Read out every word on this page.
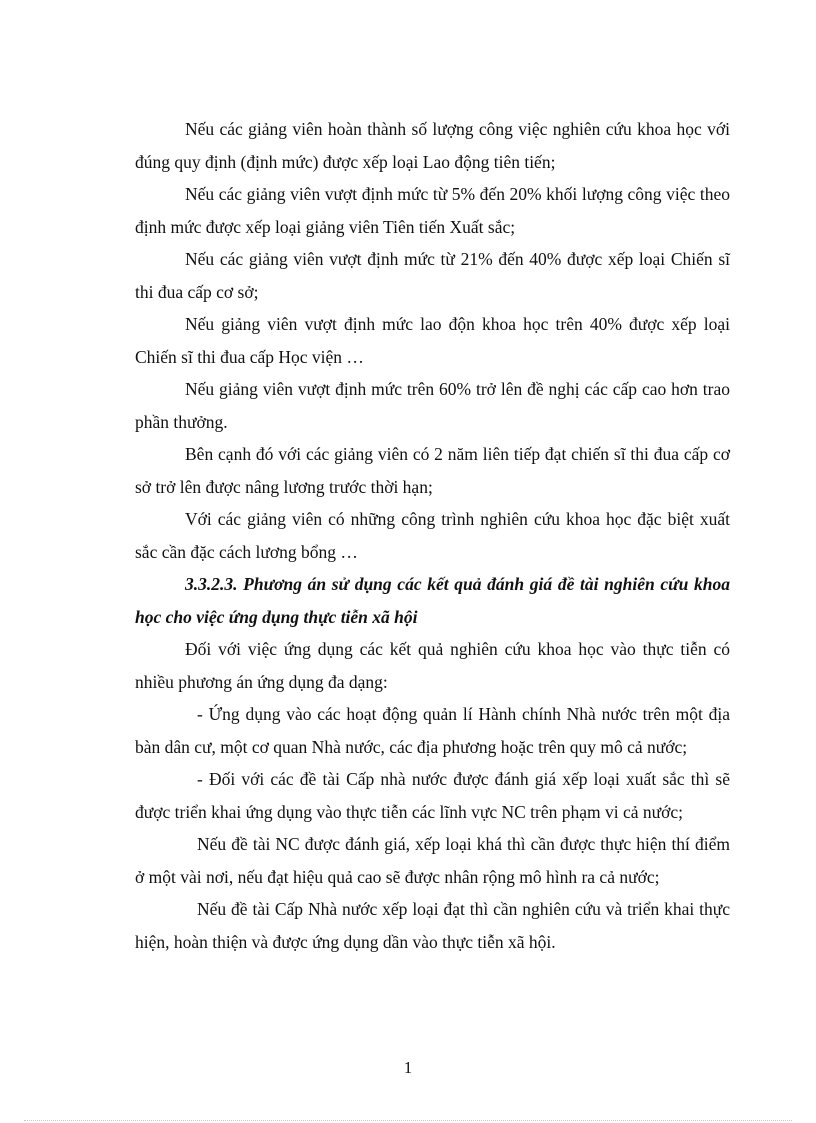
Nếu các giảng viên hoàn thành số lượng công việc nghiên cứu khoa học với đúng quy định (định mức) được xếp loại Lao động tiên tiến;

Nếu các giảng viên vượt định mức từ 5% đến 20% khối lượng công việc theo định mức được xếp loại giảng viên Tiên tiến Xuất sắc;

Nếu các giảng viên vượt định mức từ 21% đến 40% được xếp loại Chiến sĩ thi đua cấp cơ sở;

Nếu giảng viên vượt định mức lao độn khoa học trên 40% được xếp loại Chiến sĩ thi đua cấp Học viện …

Nếu giảng viên vượt định mức trên 60% trở lên đề nghị các cấp cao hơn trao phần thưởng.

Bên cạnh đó với các giảng viên có 2 năm liên tiếp đạt chiến sĩ thi đua cấp cơ sở trở lên được nâng lương trước thời hạn;

Với các giảng viên có những công trình nghiên cứu khoa học đặc biệt xuất sắc cần đặc cách lương bổng …

3.3.2.3. Phương án sử dụng các kết quả đánh giá đề tài nghiên cứu khoa học cho việc ứng dụng thực tiễn xã hội

Đối với việc ứng dụng các kết quả nghiên cứu khoa học vào thực tiễn có nhiều phương án ứng dụng đa dạng:

- Ứng dụng vào các hoạt động quản lí Hành chính Nhà nước trên một địa bàn dân cư, một cơ quan Nhà nước, các địa phương hoặc trên quy mô cả nước;

- Đối với các đề tài Cấp nhà nước được đánh giá xếp loại xuất sắc thì sẽ được triển khai ứng dụng vào thực tiễn các lĩnh vực NC trên phạm vi cả nước;

Nếu đề tài NC được đánh giá, xếp loại khá thì cần được thực hiện thí điểm ở một vài nơi, nếu đạt hiệu quả cao sẽ được nhân rộng mô hình ra cả nước;

Nếu đề tài Cấp Nhà nước xếp loại đạt thì cần nghiên cứu và triển khai thực hiện, hoàn thiện và được ứng dụng dần vào thực tiễn xã hội.

1
